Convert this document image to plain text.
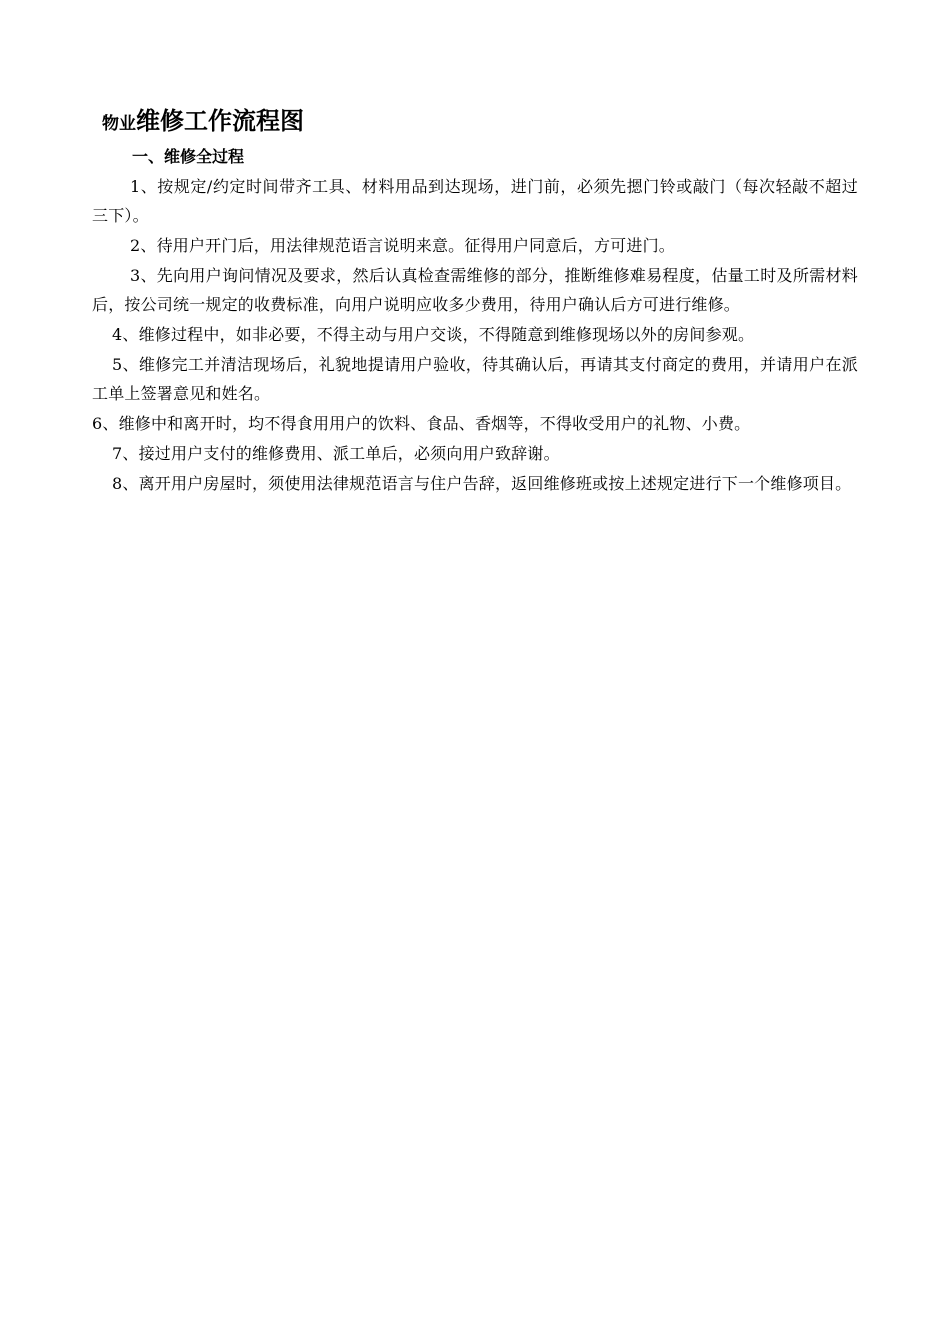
物业维修工作流程图
一、维修全过程

1、按规定/约定时间带齐工具、材料用品到达现场，进门前，必须先摁门铃或敲门（每次轻敲不超过三下）。

2、待用户开门后，用法律规范语言说明来意。征得用户同意后，方可进门。

3、先向用户询问情况及要求，然后认真检查需维修的部分，推断维修难易程度，估量工时及所需材料后，按公司统一规定的收费标准，向用户说明应收多少费用，待用户确认后方可进行维修。

4、维修过程中，如非必要，不得主动与用户交谈，不得随意到维修现场以外的房间参观。

5、维修完工并清洁现场后，礼貌地提请用户验收，待其确认后，再请其支付商定的费用，并请用户在派工单上签署意见和姓名。

6、维修中和离开时，均不得食用用户的饮料、食品、香烟等，不得收受用户的礼物、小费。

7、接过用户支付的维修费用、派工单后，必须向用户致辞谢。

8、离开用户房屋时，须使用法律规范语言与住户告辞，返回维修班或按上述规定进行下一个维修项目。
